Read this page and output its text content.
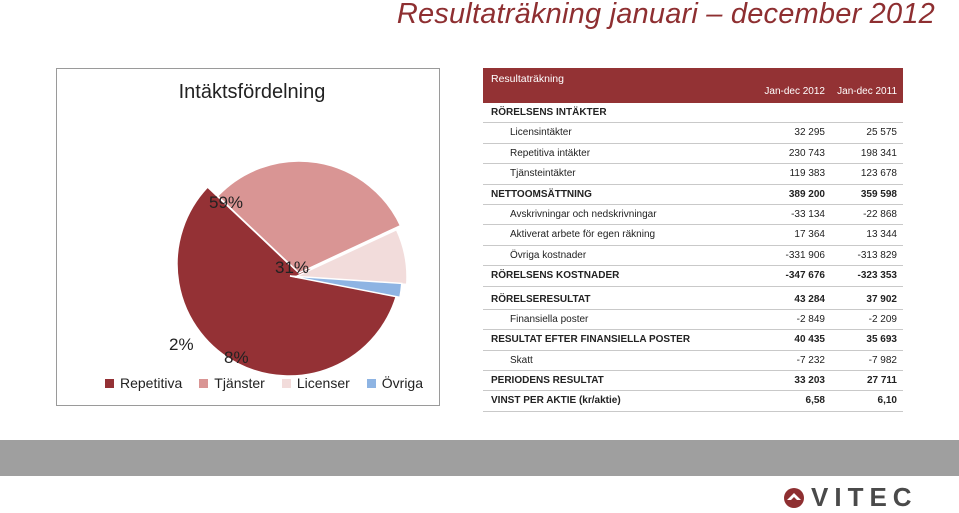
Resultaträkning januari – december 2012
Intäktsfördelning
59%
31%
8%
2%
Repetitiva Tjänster Licenser Övriga
Resultaträkning
Jan-dec 2012 Jan-dec 2011
RÖRELSENS INTÄKTER
Licensintäkter	32 295	25 575
Repetitiva intäkter	230 743	198 341
Tjänsteintäkter	119 383	123 678
NETTOOMSÄTTNING	389 200	359 598
Avskrivningar och nedskrivningar	-33 134	-22 868
Aktiverat arbete för egen räkning	17 364	13 344
Övriga kostnader	-331 906	-313 829
RÖRELSENS KOSTNADER	-347 676	-323 353
RÖRELSERESULTAT	43 284	37 902
Finansiella poster	-2 849	-2 209
RESULTAT EFTER FINANSIELLA POSTER	40 435	35 693
Skatt	-7 232	-7 982
PERIODENS RESULTAT	33 203	27 711
VINST PER AKTIE (kr/aktie)	6,58	6,10
VITEC
